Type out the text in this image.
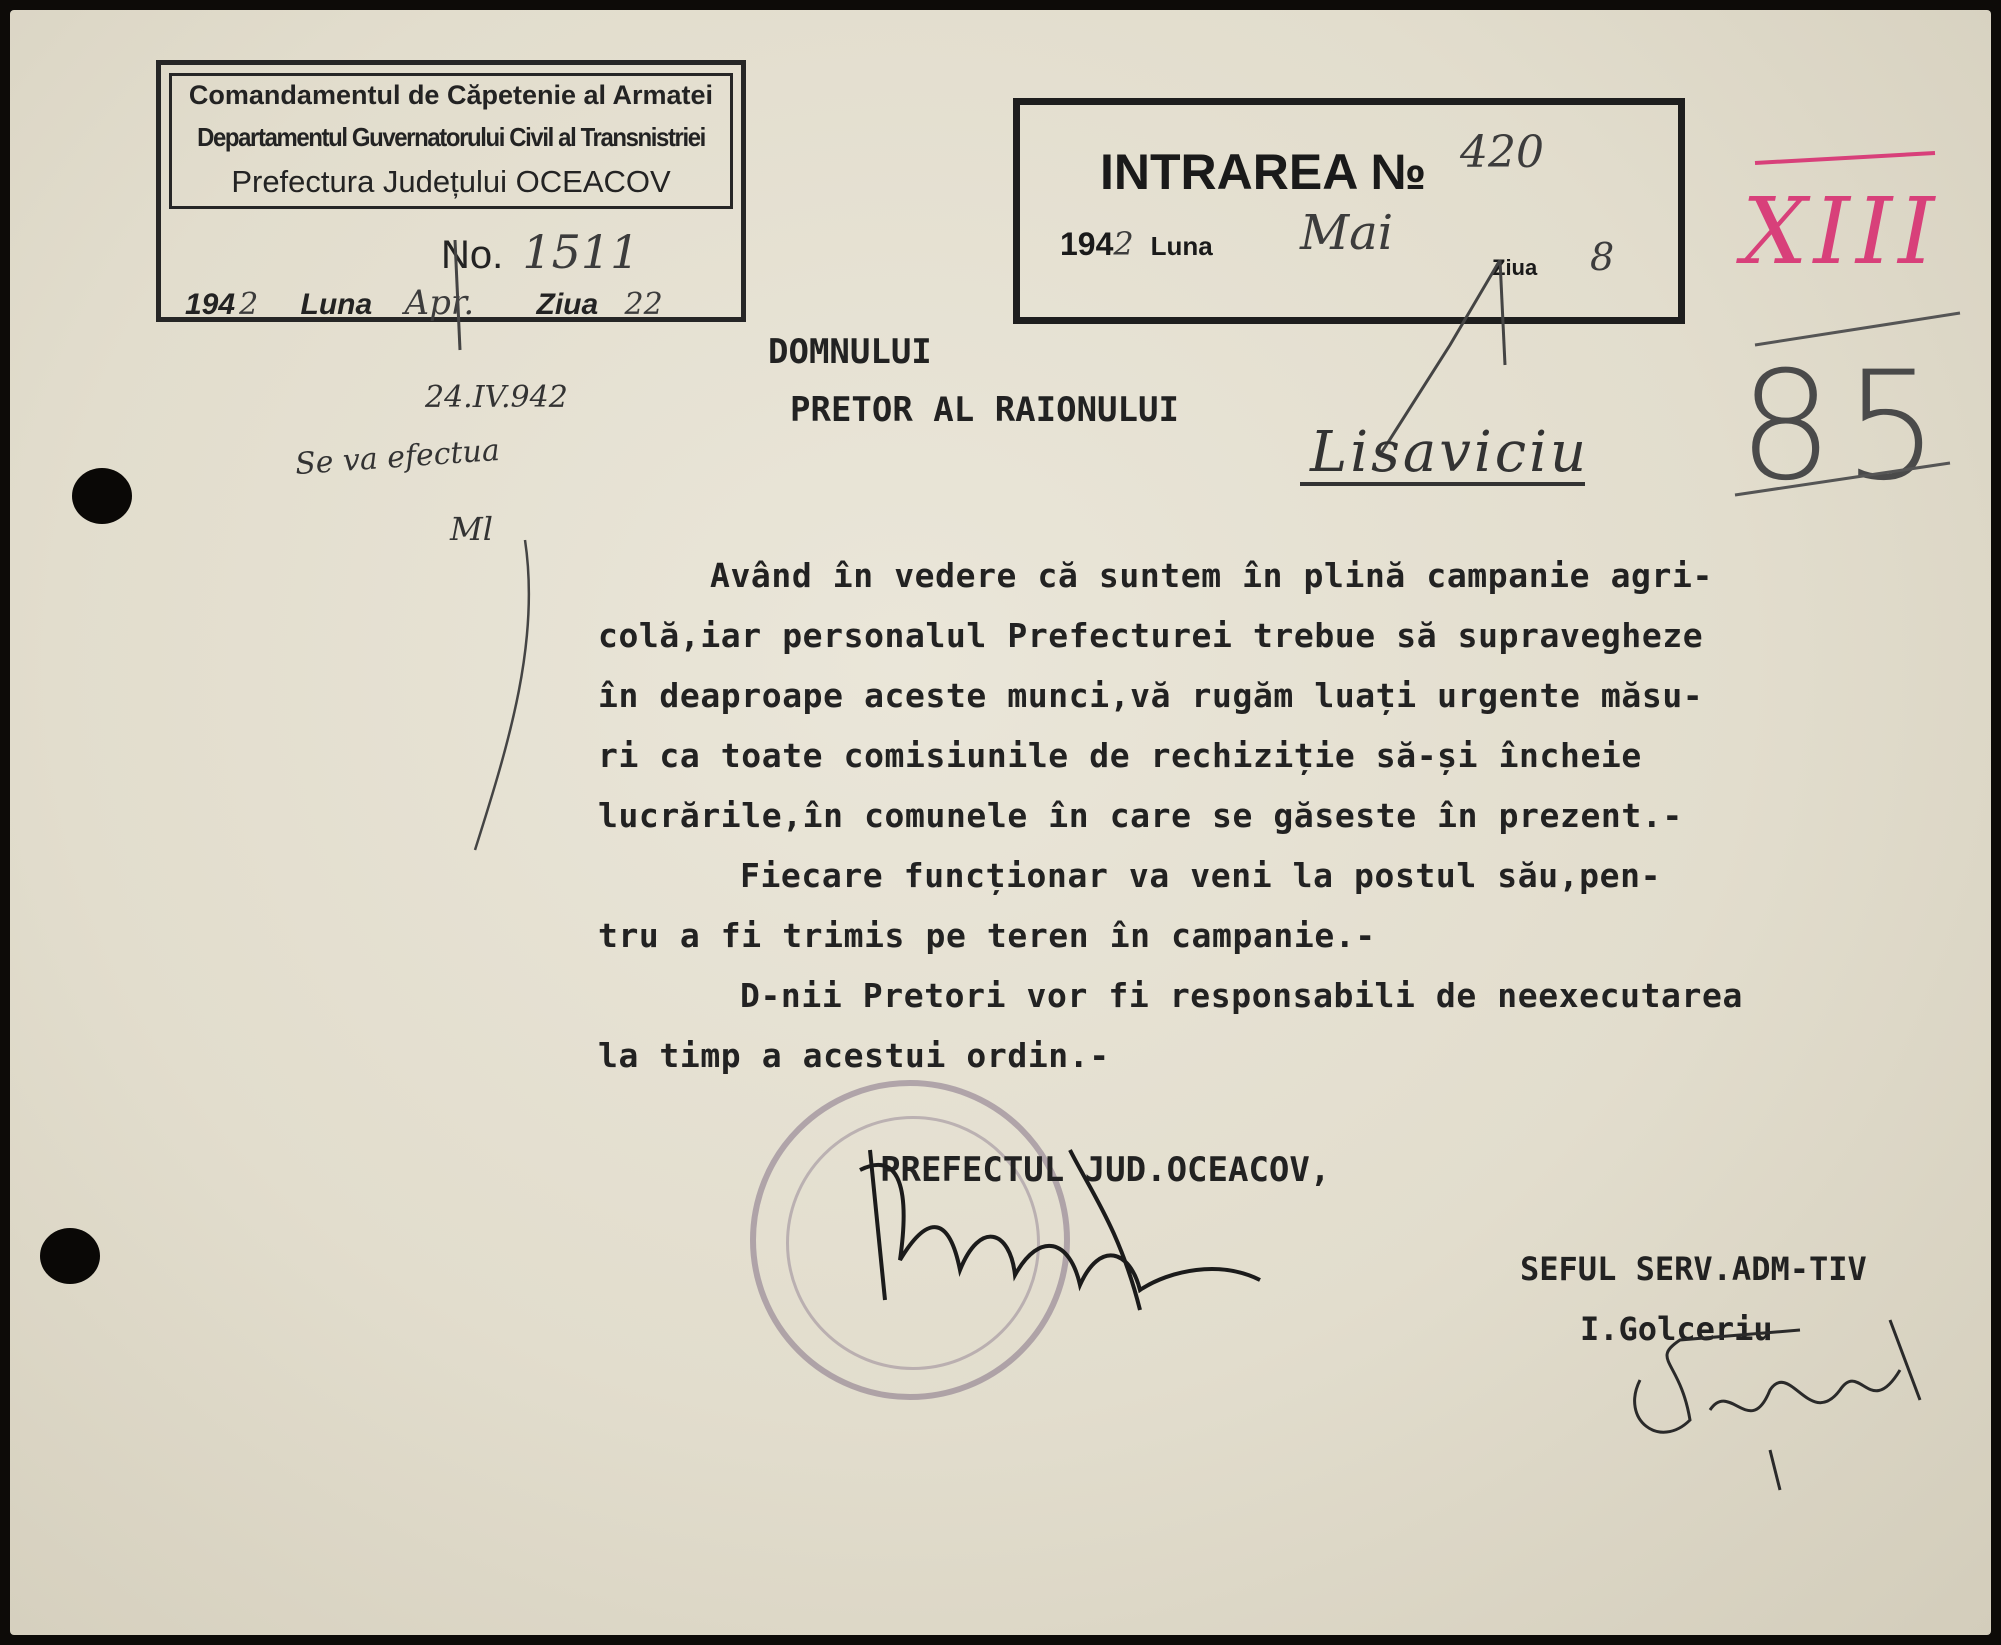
Comandamentul de Căpetenie al Armatei
Departamentul Guvernatorului Civil al Transnistriei
Prefectura Județului OCEACOV
No. 1511
194 2 Luna Apr. Ziua 22
INTRAREA № 420
1942 Luna Mai
Ziua 8 XIII
85
24.IV.942
Se va efectua
Ml
Lisaviciu
DOMNULUI
PRETOR AL RAIONULUI
Având în vedere că suntem în plină campanie agri-
colă,iar personalul Prefecturei trebue să supravegheze
în deaproape aceste munci,vă rugăm luați urgente măsu-
ri ca toate comisiunile de rechiziție să-și încheie
lucrările,în comunele în care se găseste în prezent.-
Fiecare funcționar va veni la postul său,pen-
tru a fi trimis pe teren în campanie.-
D-nii Pretori vor fi responsabili de neexecutarea
la timp a acestui ordin.-
PREFECTUL JUD.OCEACOV,
SEFUL SERV.ADM-TIV
I.Golceriu
